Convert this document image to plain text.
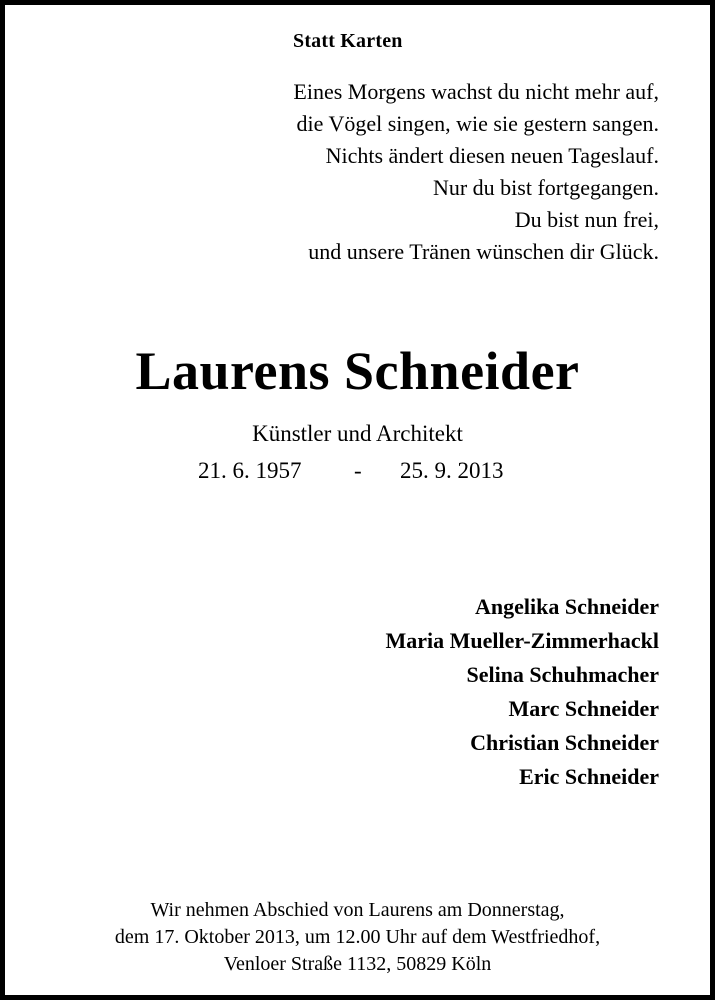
Statt Karten
Eines Morgens wachst du nicht mehr auf,
die Vögel singen, wie sie gestern sangen.
Nichts ändert diesen neuen Tageslauf.
Nur du bist fortgegangen.
Du bist nun frei,
und unsere Tränen wünschen dir Glück.
Laurens Schneider
Künstler und Architekt
21. 6. 1957 - 25. 9. 2013
Angelika Schneider
Maria Mueller-Zimmerhackl
Selina Schuhmacher
Marc Schneider
Christian Schneider
Eric Schneider
Wir nehmen Abschied von Laurens am Donnerstag,
dem 17. Oktober 2013, um 12.00 Uhr auf dem Westfriedhof,
Venloer Straße 1132, 50829 Köln
